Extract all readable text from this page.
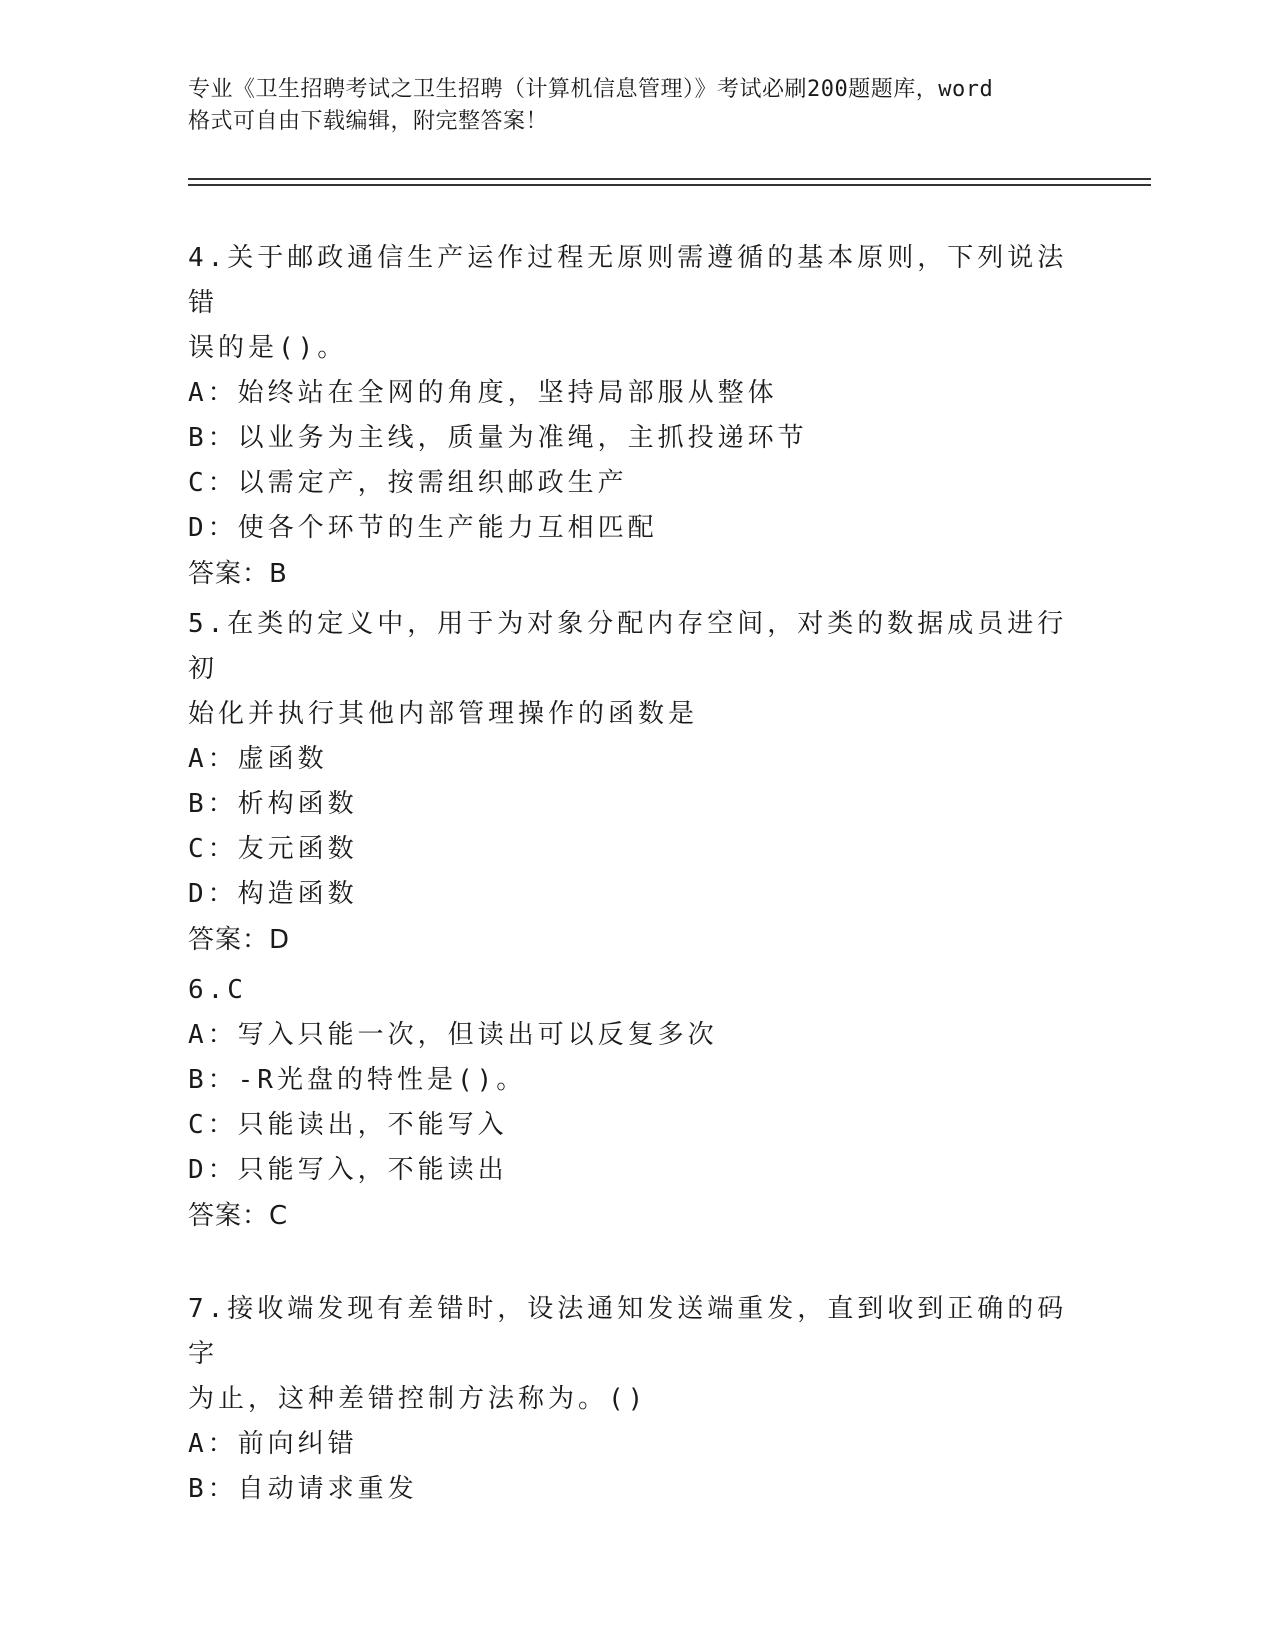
专业《卫生招聘考试之卫生招聘（计算机信息管理）》考试必刷200题题库，word
格式可自由下载编辑，附完整答案！

4.关于邮政通信生产运作过程无原则需遵循的基本原则，下列说法错

误的是()。

A：始终站在全网的角度，坚持局部服从整体

B：以业务为主线，质量为准绳，主抓投递环节

C：以需定产，按需组织邮政生产

D：使各个环节的生产能力互相匹配

答案：B

5.在类的定义中，用于为对象分配内存空间，对类的数据成员进行初

始化并执行其他内部管理操作的函数是

A：虚函数

B：析构函数

C：友元函数

D：构造函数

答案：D

6.C

A：写入只能一次，但读出可以反复多次

B：-R光盘的特性是()。

C：只能读出，不能写入

D：只能写入，不能读出

答案：C

7.接收端发现有差错时，设法通知发送端重发，直到收到正确的码字

为止，这种差错控制方法称为。()

A：前向纠错

B：自动请求重发
